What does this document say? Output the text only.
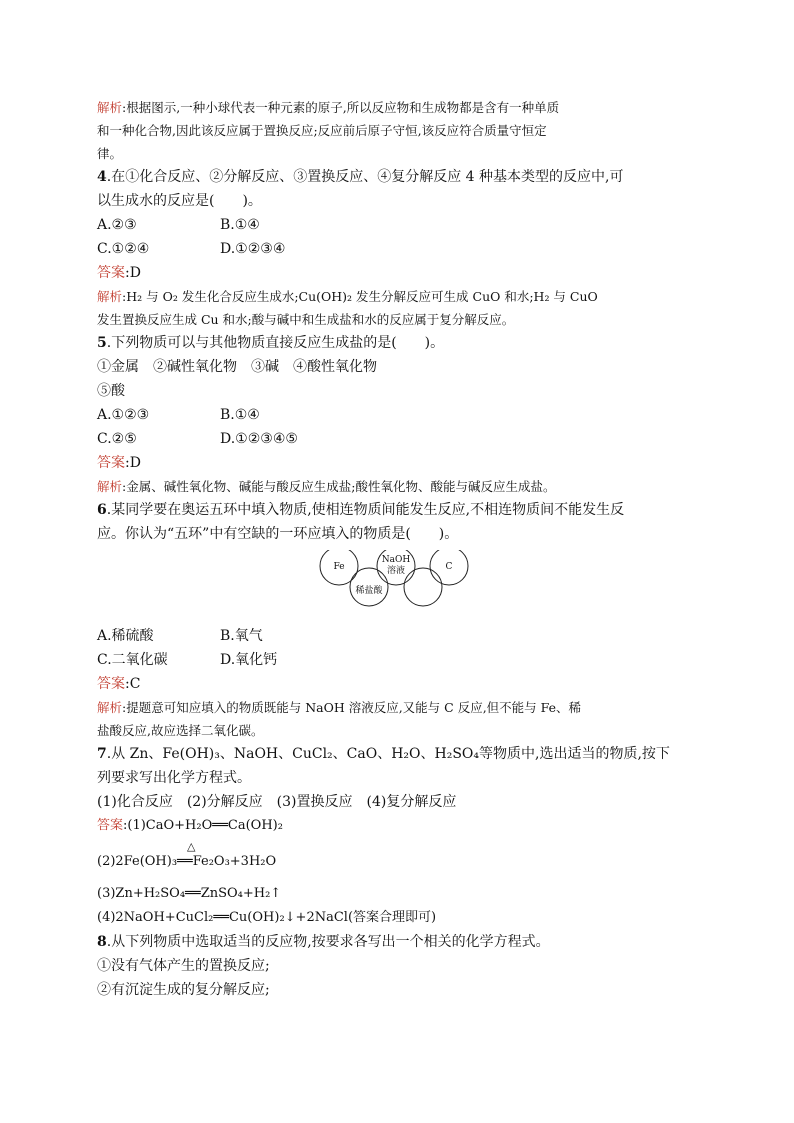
解析:根据图示,一种小球代表一种元素的原子,所以反应物和生成物都是含有一种单质
和一种化合物,因此该反应属于置换反应;反应前后原子守恒,该反应符合质量守恒定
律。
4.在①化合反应、②分解反应、③置换反应、④复分解反应 4 种基本类型的反应中,可
以生成水的反应是(　　)。
A.②③	B.①④
C.①②④	D.①②③④
答案:D
解析:H₂ 与 O₂ 发生化合反应生成水;Cu(OH)₂ 发生分解反应可生成 CuO 和水;H₂ 与 CuO
发生置换反应生成 Cu 和水;酸与碱中和生成盐和水的反应属于复分解反应。
5.下列物质可以与其他物质直接反应生成盐的是(　　)。
①金属　②碱性氧化物　③碱　④酸性氧化物
⑤酸
A.①②③	B.①④
C.②⑤	D.①②③④⑤
答案:D
解析:金属、碱性氧化物、碱能与酸反应生成盐;酸性氧化物、酸能与碱反应生成盐。
6.某同学要在奥运五环中填入物质,使相连物质间能发生反应,不相连物质间不能发生反
应。你认为“五环”中有空缺的一环应填入的物质是(　　)。
Fe
NaOH
溶液	C
稀盐酸
A.稀硫酸	B.氧气
C.二氧化碳	D.氧化钙
答案:C
解析:提题意可知应填入的物质既能与 NaOH 溶液反应,又能与 C 反应,但不能与 Fe、稀
盐酸反应,故应选择二氧化碳。
7.从 Zn、Fe(OH)₃、NaOH、CuCl₂、CaO、H₂O、H₂SO₄等物质中,选出适当的物质,按下
列要求写出化学方程式。
(1)化合反应　(2)分解反应　(3)置换反应　(4)复分解反应
答案:(1)CaO+H₂O══Ca(OH)₂
(2)2Fe(OH)₃
△
══Fe₂O₃+3H₂O
(3)Zn+H₂SO₄══ZnSO₄+H₂↑
(4)2NaOH+CuCl₂══Cu(OH)₂↓+2NaCl(答案合理即可)
8.从下列物质中选取适当的反应物,按要求各写出一个相关的化学方程式。
①没有气体产生的置换反应;
②有沉淀生成的复分解反应;
